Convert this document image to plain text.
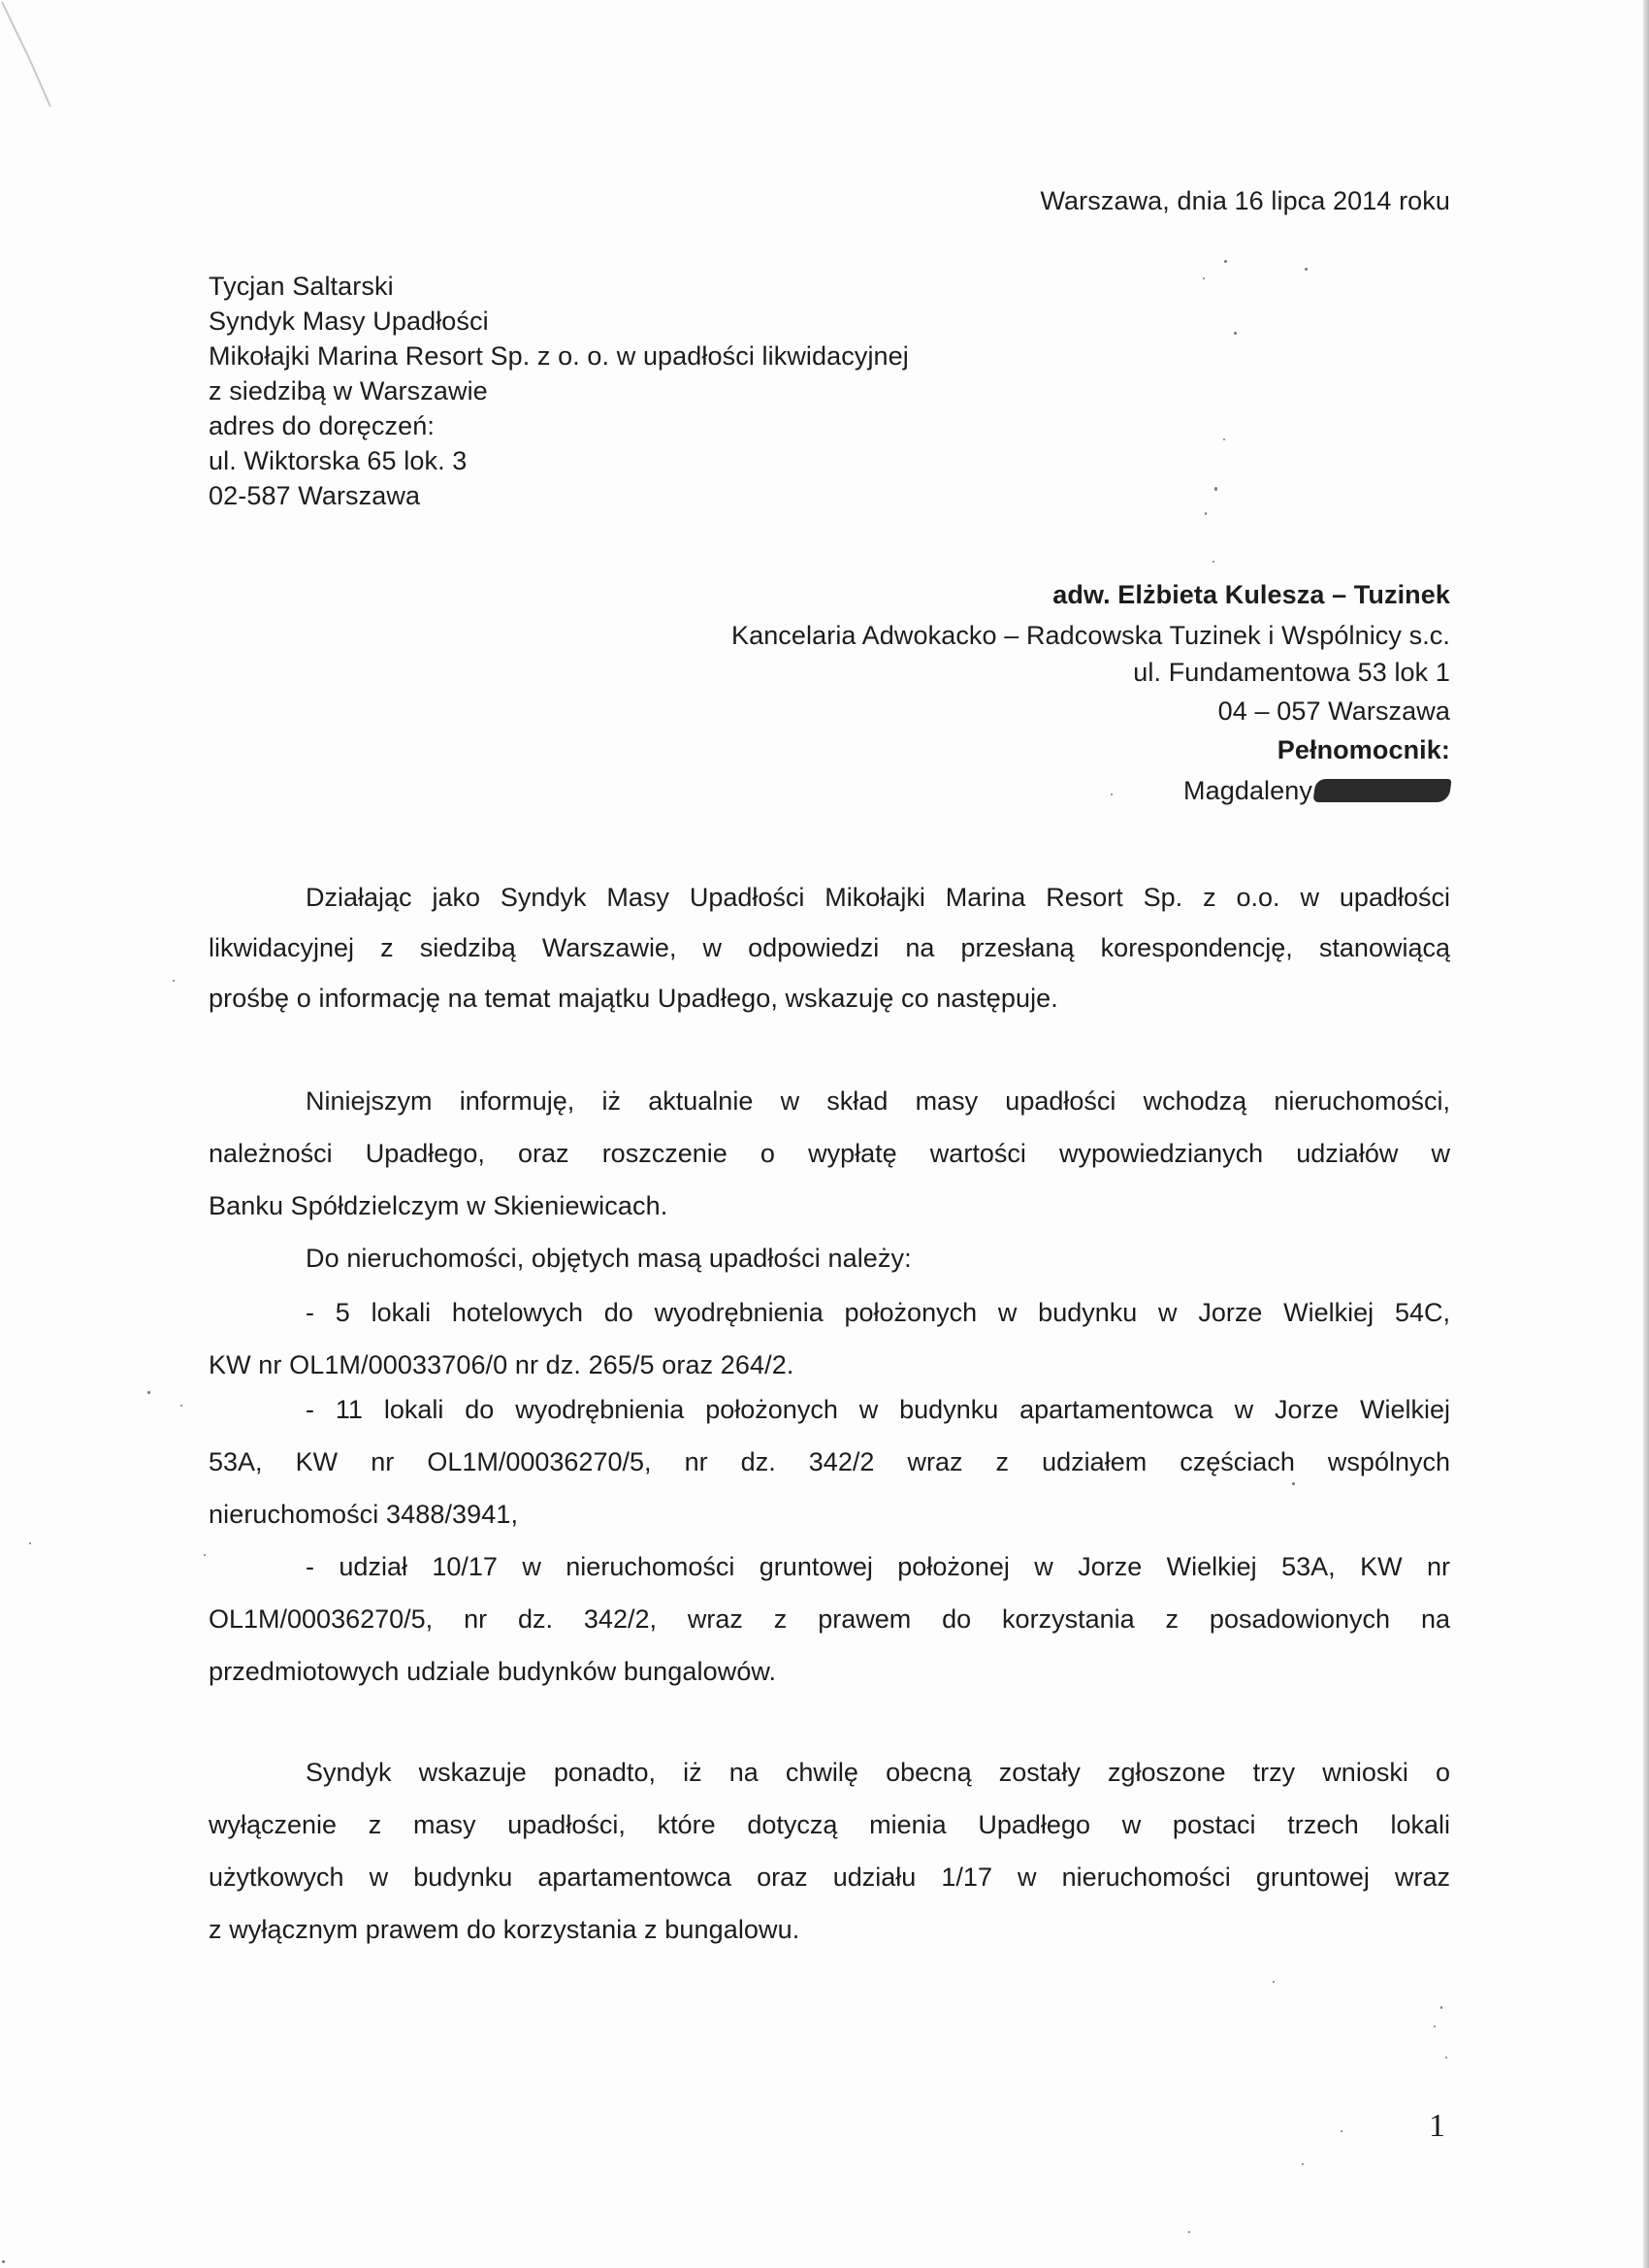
Warszawa, dnia 16 lipca 2014 roku
Tycjan Saltarski
Syndyk Masy Upadłości
Mikołajki Marina Resort Sp. z o. o. w upadłości likwidacyjnej
z siedzibą w Warszawie
adres do doręczeń:
ul. Wiktorska 65 lok. 3
02-587 Warszawa
adw. Elżbieta Kulesza – Tuzinek
Kancelaria Adwokacko – Radcowska Tuzinek i Wspólnicy s.c.
ul. Fundamentowa 53 lok 1
04 – 057 Warszawa
Pełnomocnik:
Magdaleny
Działając jako Syndyk Masy Upadłości Mikołajki Marina Resort Sp. z o.o. w upadłości
likwidacyjnej z siedzibą Warszawie, w odpowiedzi na przesłaną korespondencję, stanowiącą
prośbę o informację na temat majątku Upadłego, wskazuję co następuje.
Niniejszym informuję, iż aktualnie w skład masy upadłości wchodzą nieruchomości,
należności Upadłego, oraz roszczenie o wypłatę wartości wypowiedzianych udziałów w
Banku Spółdzielczym w Skieniewicach.
Do nieruchomości, objętych masą upadłości należy:
- 5 lokali hotelowych do wyodrębnienia położonych w budynku w Jorze Wielkiej 54C,
KW nr OL1M/00033706/0 nr dz. 265/5 oraz 264/2.
- 11 lokali do wyodrębnienia położonych w budynku apartamentowca w Jorze Wielkiej
53A, KW nr OL1M/00036270/5, nr dz. 342/2 wraz z udziałem częściach wspólnych
nieruchomości 3488/3941,
- udział 10/17 w nieruchomości gruntowej położonej w Jorze Wielkiej 53A, KW nr
OL1M/00036270/5, nr dz. 342/2, wraz z prawem do korzystania z posadowionych na
przedmiotowych udziale budynków bungalowów.
Syndyk wskazuje ponadto, iż na chwilę obecną zostały zgłoszone trzy wnioski o
wyłączenie z masy upadłości, które dotyczą mienia Upadłego w postaci trzech lokali
użytkowych w budynku apartamentowca oraz udziału 1/17 w nieruchomości gruntowej wraz
z wyłącznym prawem do korzystania z bungalowu.
1
